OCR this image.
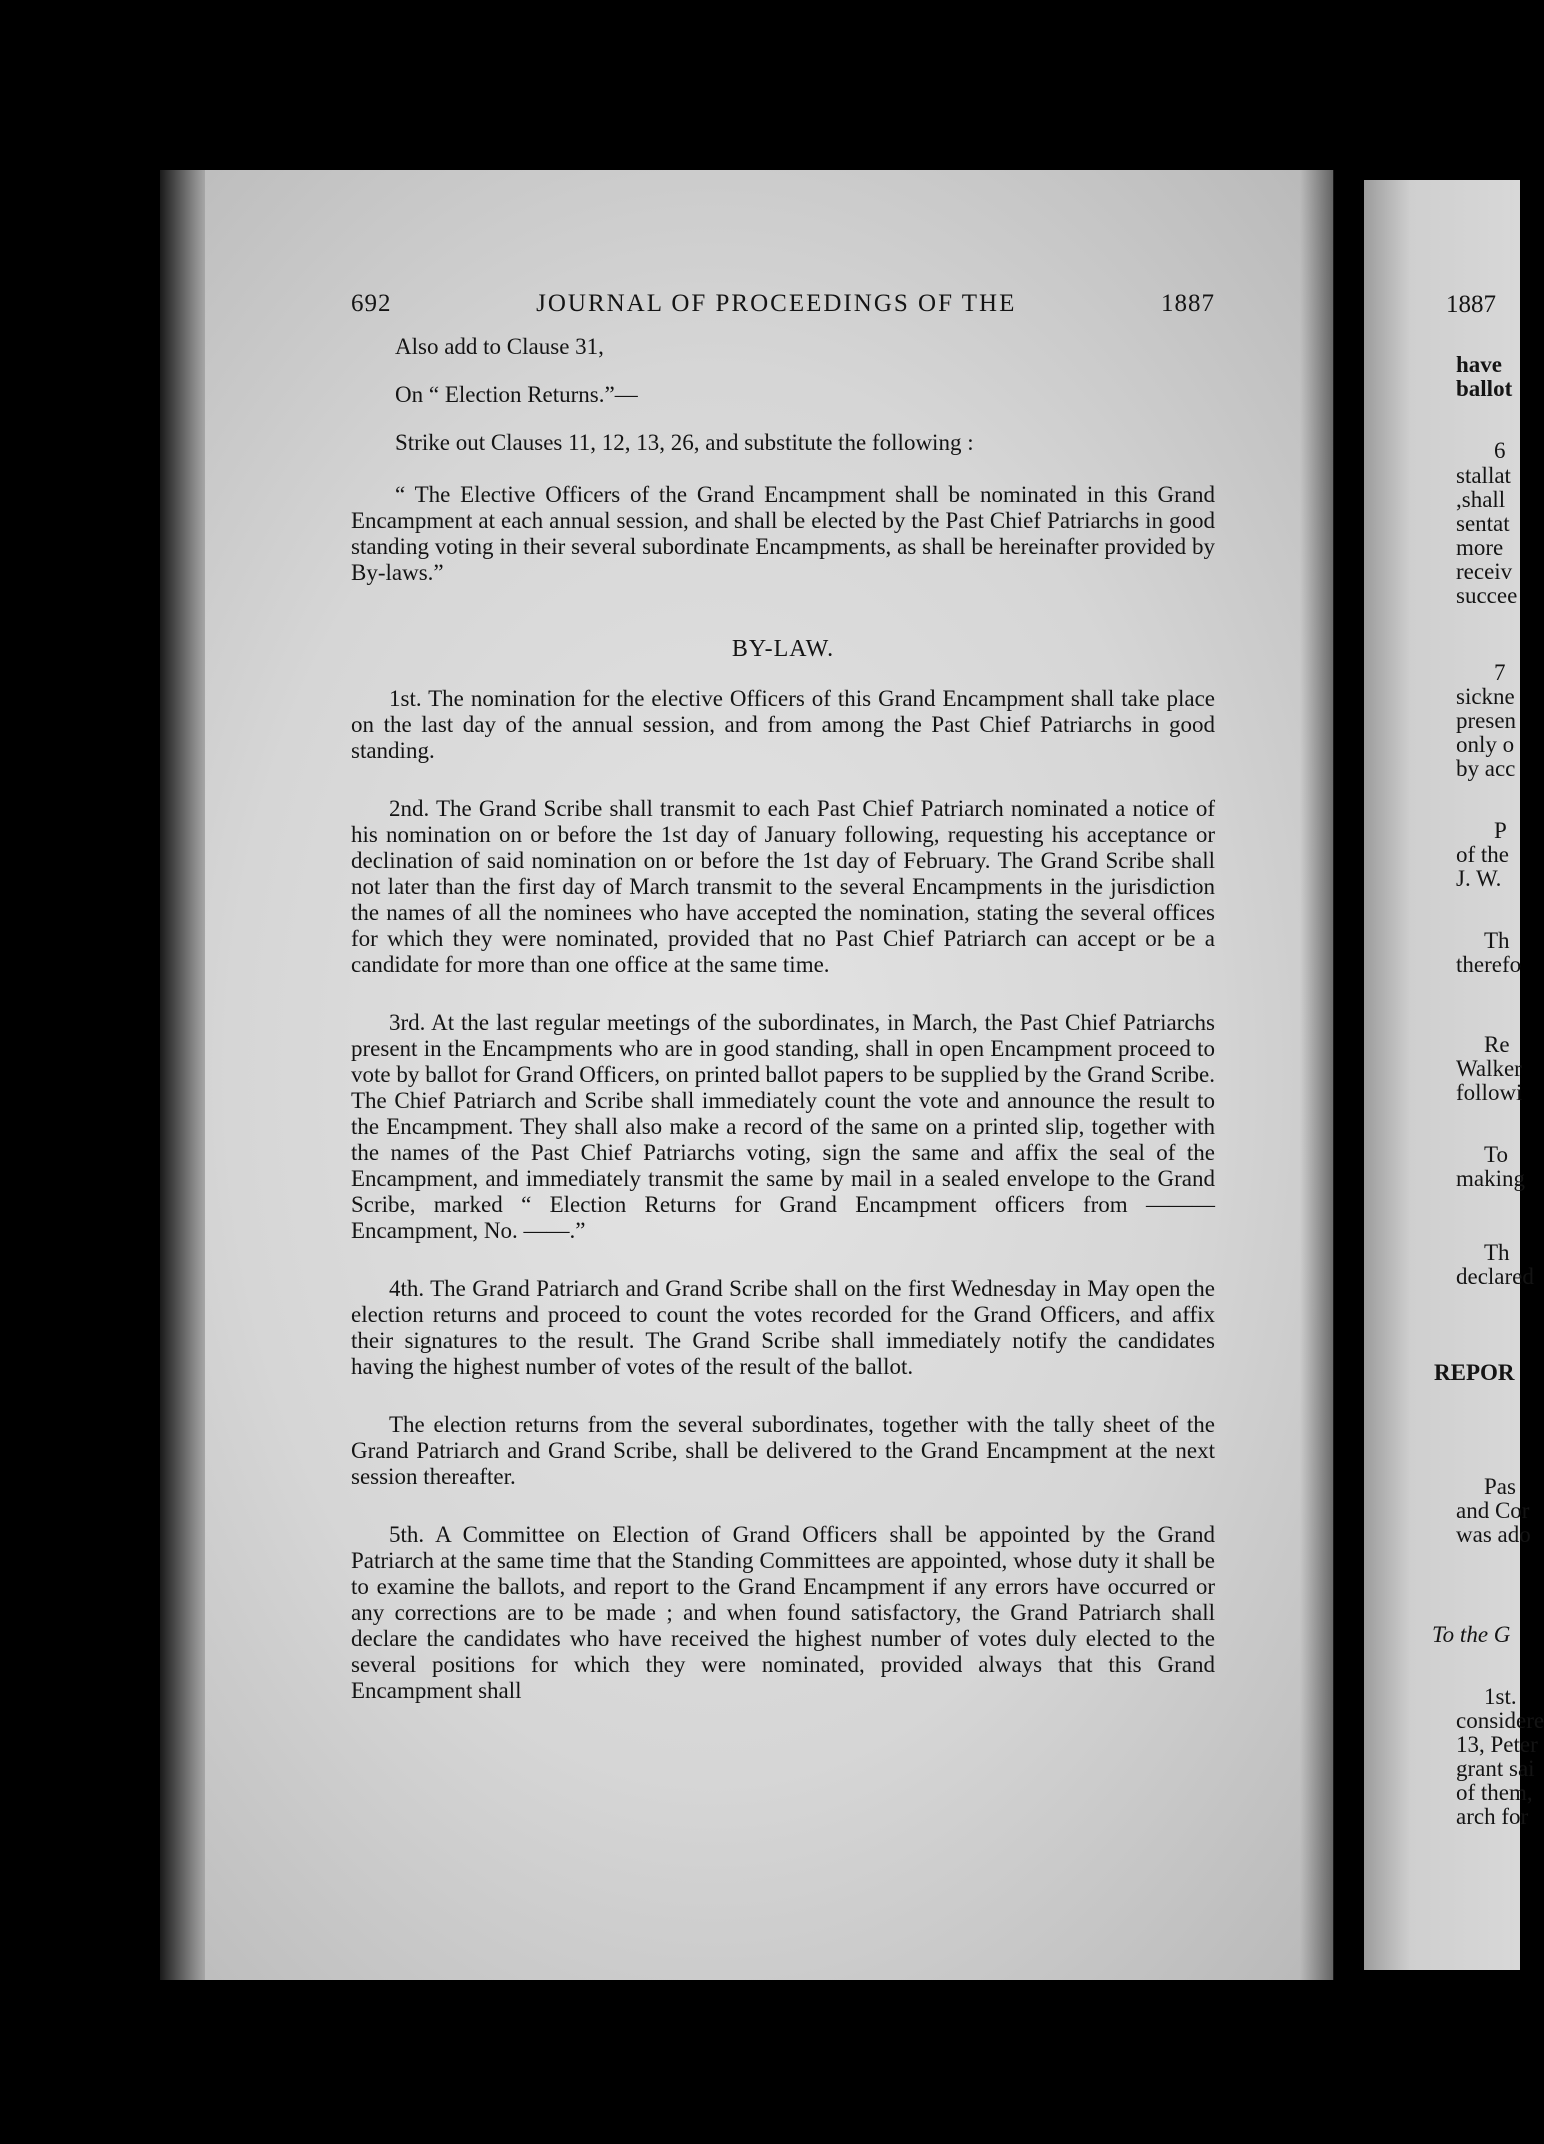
692	JOURNAL OF PROCEEDINGS OF THE	1887

Also add to Clause 31,

On “ Election Returns.”—

Strike out Clauses 11, 12, 13, 26, and substitute the following :

“ The Elective Officers of the Grand Encampment shall be nominated in this Grand Encampment at each annual session, and shall be elected by the Past Chief Patriarchs in good standing voting in their several subordinate Encampments, as shall be hereinafter provided by By-laws.”

BY-LAW.

1st. The nomination for the elective Officers of this Grand Encampment shall take place on the last day of the annual session, and from among the Past Chief Patriarchs in good standing.

2nd. The Grand Scribe shall transmit to each Past Chief Patriarch nominated a notice of his nomination on or before the 1st day of January following, requesting his acceptance or declination of said nomination on or before the 1st day of February. The Grand Scribe shall not later than the first day of March transmit to the several Encampments in the jurisdiction the names of all the nominees who have accepted the nomination, stating the several offices for which they were nominated, provided that no Past Chief Patriarch can accept or be a candidate for more than one office at the same time.

3rd. At the last regular meetings of the subordinates, in March, the Past Chief Patriarchs present in the Encampments who are in good standing, shall in open Encampment proceed to vote by ballot for Grand Officers, on printed ballot papers to be supplied by the Grand Scribe. The Chief Patriarch and Scribe shall immediately count the vote and announce the result to the Encampment. They shall also make a record of the same on a printed slip, together with the names of the Past Chief Patriarchs voting, sign the same and affix the seal of the Encampment, and immediately transmit the same by mail in a sealed envelope to the Grand Scribe, marked “ Election Returns for Grand Encampment officers from ——— Encampment, No. ——.”

4th. The Grand Patriarch and Grand Scribe shall on the first Wednesday in May open the election returns and proceed to count the votes recorded for the Grand Officers, and affix their signatures to the result. The Grand Scribe shall immediately notify the candidates having the highest number of votes of the result of the ballot.

The election returns from the several subordinates, together with the tally sheet of the Grand Patriarch and Grand Scribe, shall be delivered to the Grand Encampment at the next session thereafter.

5th. A Committee on Election of Grand Officers shall be appointed by the Grand Patriarch at the same time that the Standing Committees are appointed, whose duty it shall be to examine the ballots, and report to the Grand Encampment if any errors have occurred or any corrections are to be made ; and when found satisfactory, the Grand Patriarch shall declare the candidates who have received the highest number of votes duly elected to the several positions for which they were nominated, provided always that this Grand Encampment shall

1887
have
ballot
6
stallat
,shall
sentat
more
receiv
succee
7
sickne
presen
only o
by acc
P
of the
J. W.
Th
therefo
Re
Walker
followi
To
making
Th
declared
REPOR
Pas
and Cor
was ado
To the G
1st.
considere
13, Peter
grant sai
of them,
arch for
